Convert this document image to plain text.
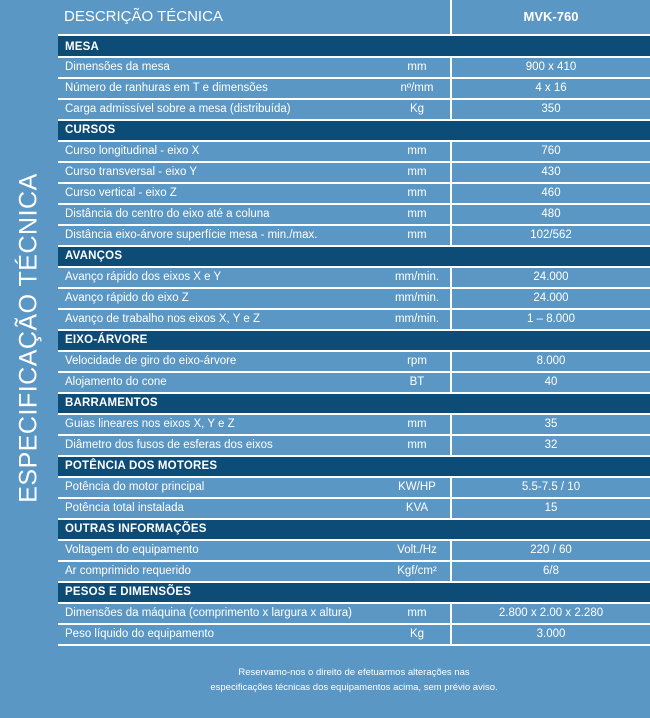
ESPECIFICAÇÃO TÉCNICA
DESCRIÇÃO TÉCNICA	MVK-760
MESA
Dimensões da mesa	mm	900 x 410
Número de ranhuras em T e dimensões	nº/mm	4 x 16
Carga admissível sobre a mesa (distribuída)	Kg	350
CURSOS
Curso longitudinal - eixo X	mm	760
Curso transversal - eixo Y	mm	430
Curso vertical - eixo Z	mm	460
Distância do centro do eixo até a coluna	mm	480
Distância eixo-árvore superfície mesa - min./max.	mm	102/562
AVANÇOS
Avanço rápido dos eixos X e Y	mm/min.	24.000
Avanço rápido do eixo Z	mm/min.	24.000
Avanço de trabalho nos eixos X, Y e Z	mm/min.	1 – 8.000
EIXO-ÁRVORE
Velocidade de giro do eixo-árvore	rpm	8.000
Alojamento do cone	BT	40
BARRAMENTOS
Guias lineares nos eixos X, Y e Z	mm	35
Diâmetro dos fusos de esferas dos eixos	mm	32
POTÊNCIA DOS MOTORES
Potência do motor principal	KW/HP	5.5-7.5 / 10
Potência total instalada	KVA	15
OUTRAS INFORMAÇÕES
Voltagem do equipamento	Volt./Hz	220 / 60
Ar comprimido requerido	Kgf/cm²	6/8
PESOS E DIMENSÕES
Dimensões da máquina (comprimento x largura x altura)	mm	2.800 x 2.00 x 2.280
Peso líquido do equipamento	Kg	3.000
Reservamo-nos o direito de efetuarmos alterações nas
especificações técnicas dos equipamentos acima, sem prévio aviso.
